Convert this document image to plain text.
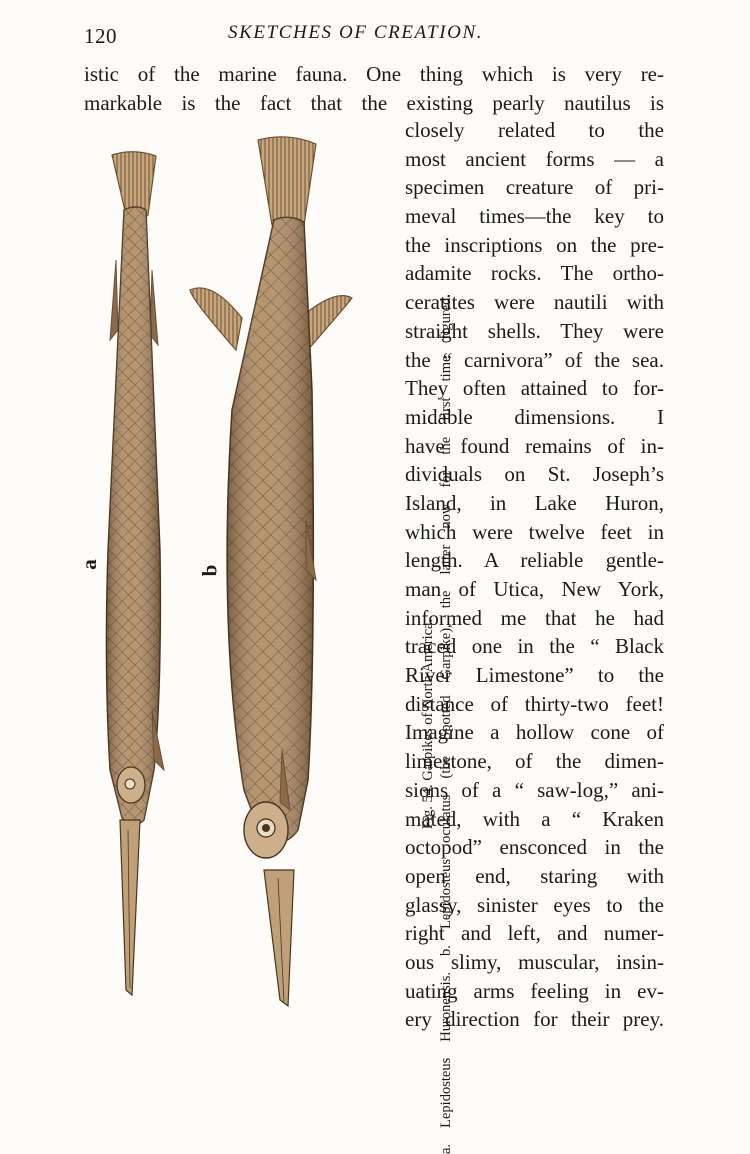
120	SKETCHES OF CREATION.
istic of the marine fauna. One thing which is very re-
markable is the fact that the existing pearly nautilus is
a
b
Fig. 54. Garpikes of North America. a. Lepidosteus Huronensis. b. Lepidosteus oculatus (the Spotted Garpike), the latter now for the first time figured.
closely related to the
most ancient forms — a
specimen creature of pri-
meval times—the key to
the inscriptions on the pre-
adamite rocks. The ortho-
ceratites were nautili with
straight shells. They were
the “ carnivora” of the sea.
They often attained to for-
midable dimensions. I
have found remains of in-
dividuals on St. Joseph’s
Island, in Lake Huron,
which were twelve feet in
length. A reliable gentle-
man of Utica, New York,
informed me that he had
traced one in the “ Black
River Limestone” to the
distance of thirty-two feet!
Imagine a hollow cone of
limestone, of the dimen-
sions of a “ saw-log,” ani-
mated, with a “ Kraken
octopod” ensconced in the
open end, staring with
glassy, sinister eyes to the
right and left, and numer-
ous slimy, muscular, insin-
uating arms feeling in ev-
ery direction for their prey.
